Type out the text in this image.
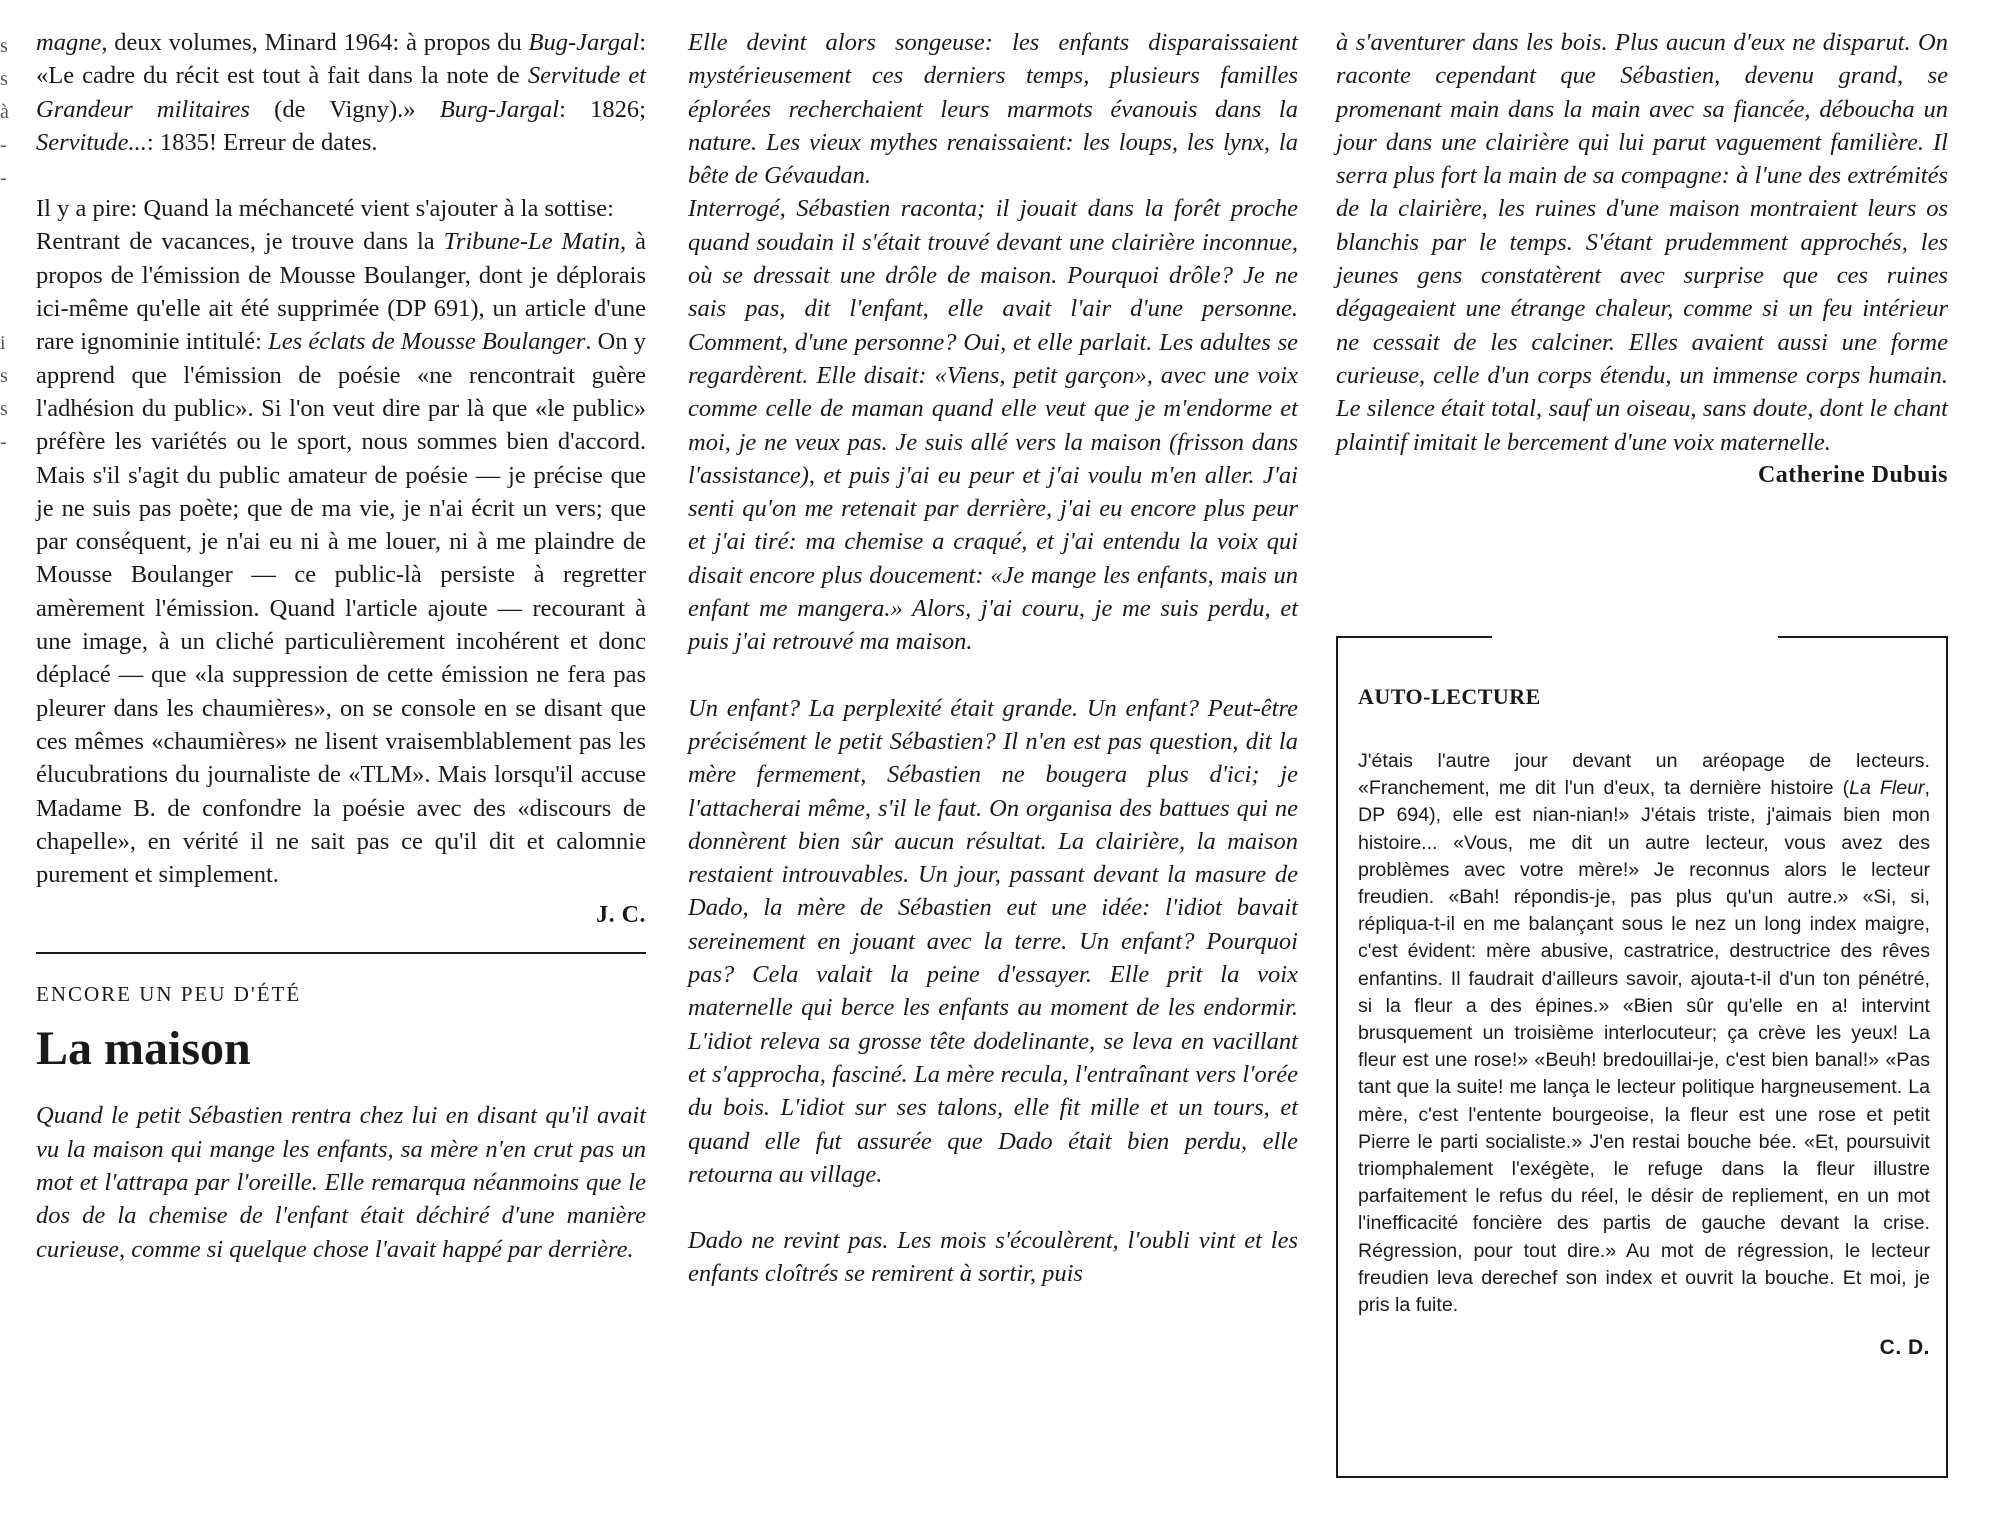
s
s
à
-
-

i
s
s
-

magne, deux volumes, Minard 1964: à propos du Bug-Jargal: «Le cadre du récit est tout à fait dans la note de Servitude et Grandeur militaires (de Vigny).» Burg-Jargal: 1826; Servitude...: 1835! Erreur de dates.

Il y a pire: Quand la méchanceté vient s'ajouter à la sottise:

Rentrant de vacances, je trouve dans la Tribune-Le Matin, à propos de l'émission de Mousse Boulanger, dont je déplorais ici-même qu'elle ait été supprimée (DP 691), un article d'une rare ignominie intitulé: Les éclats de Mousse Boulanger. On y apprend que l'émission de poésie «ne rencontrait guère l'adhésion du public». Si l'on veut dire par là que «le public» préfère les variétés ou le sport, nous sommes bien d'accord. Mais s'il s'agit du public amateur de poésie — je précise que je ne suis pas poète; que de ma vie, je n'ai écrit un vers; que par conséquent, je n'ai eu ni à me louer, ni à me plaindre de Mousse Boulanger — ce public-là persiste à regretter amèrement l'émission. Quand l'article ajoute — recourant à une image, à un cliché particulièrement incohérent et donc déplacé — que «la suppression de cette émission ne fera pas pleurer dans les chaumières», on se console en se disant que ces mêmes «chaumières» ne lisent vraisemblablement pas les élucubrations du journaliste de «TLM». Mais lorsqu'il accuse Madame B. de confondre la poésie avec des «discours de chapelle», en vérité il ne sait pas ce qu'il dit et calomnie purement et simplement.

J. C.
ENCORE UN PEU D'ÉTÉ
La maison

Quand le petit Sébastien rentra chez lui en disant qu'il avait vu la maison qui mange les enfants, sa mère n'en crut pas un mot et l'attrapa par l'oreille. Elle remarqua néanmoins que le dos de la chemise de l'enfant était déchiré d'une manière curieuse, comme si quelque chose l'avait happé par derrière.

Elle devint alors songeuse: les enfants disparaissaient mystérieusement ces derniers temps, plusieurs familles éplorées recherchaient leurs marmots évanouis dans la nature. Les vieux mythes renaissaient: les loups, les lynx, la bête de Gévaudan.

Interrogé, Sébastien raconta; il jouait dans la forêt proche quand soudain il s'était trouvé devant une clairière inconnue, où se dressait une drôle de maison. Pourquoi drôle? Je ne sais pas, dit l'enfant, elle avait l'air d'une personne. Comment, d'une personne? Oui, et elle parlait. Les adultes se regardèrent. Elle disait: «Viens, petit garçon», avec une voix comme celle de maman quand elle veut que je m'endorme et moi, je ne veux pas. Je suis allé vers la maison (frisson dans l'assistance), et puis j'ai eu peur et j'ai voulu m'en aller. J'ai senti qu'on me retenait par derrière, j'ai eu encore plus peur et j'ai tiré: ma chemise a craqué, et j'ai entendu la voix qui disait encore plus doucement: «Je mange les enfants, mais un enfant me mangera.» Alors, j'ai couru, je me suis perdu, et puis j'ai retrouvé ma maison.

Un enfant? La perplexité était grande. Un enfant? Peut-être précisément le petit Sébastien? Il n'en est pas question, dit la mère fermement, Sébastien ne bougera plus d'ici; je l'attacherai même, s'il le faut. On organisa des battues qui ne donnèrent bien sûr aucun résultat. La clairière, la maison restaient introuvables. Un jour, passant devant la masure de Dado, la mère de Sébastien eut une idée: l'idiot bavait sereinement en jouant avec la terre. Un enfant? Pourquoi pas? Cela valait la peine d'essayer. Elle prit la voix maternelle qui berce les enfants au moment de les endormir. L'idiot releva sa grosse tête dodelinante, se leva en vacillant et s'approcha, fasciné. La mère recula, l'entraînant vers l'orée du bois. L'idiot sur ses talons, elle fit mille et un tours, et quand elle fut assurée que Dado était bien perdu, elle retourna au village.

Dado ne revint pas. Les mois s'écoulèrent, l'oubli vint et les enfants cloîtrés se remirent à sortir, puis

à s'aventurer dans les bois. Plus aucun d'eux ne disparut. On raconte cependant que Sébastien, devenu grand, se promenant main dans la main avec sa fiancée, déboucha un jour dans une clairière qui lui parut vaguement familière. Il serra plus fort la main de sa compagne: à l'une des extrémités de la clairière, les ruines d'une maison montraient leurs os blanchis par le temps. S'étant prudemment approchés, les jeunes gens constatèrent avec surprise que ces ruines dégageaient une étrange chaleur, comme si un feu intérieur ne cessait de les calciner. Elles avaient aussi une forme curieuse, celle d'un corps étendu, un immense corps humain. Le silence était total, sauf un oiseau, sans doute, dont le chant plaintif imitait le bercement d'une voix maternelle.

Catherine Dubuis
AUTO-LECTURE

J'étais l'autre jour devant un aréopage de lecteurs. «Franchement, me dit l'un d'eux, ta dernière histoire (La Fleur, DP 694), elle est nian-nian!» J'étais triste, j'aimais bien mon histoire... «Vous, me dit un autre lecteur, vous avez des problèmes avec votre mère!» Je reconnus alors le lecteur freudien. «Bah! répondis-je, pas plus qu'un autre.» «Si, si, répliqua-t-il en me balançant sous le nez un long index maigre, c'est évident: mère abusive, castratrice, destructrice des rêves enfantins. Il faudrait d'ailleurs savoir, ajouta-t-il d'un ton pénétré, si la fleur a des épines.» «Bien sûr qu'elle en a! intervint brusquement un troisième interlocuteur; ça crève les yeux! La fleur est une rose!» «Beuh! bredouillai-je, c'est bien banal!» «Pas tant que la suite! me lança le lecteur politique hargneusement. La mère, c'est l'entente bourgeoise, la fleur est une rose et petit Pierre le parti socialiste.» J'en restai bouche bée. «Et, poursuivit triomphalement l'exégète, le refuge dans la fleur illustre parfaitement le refus du réel, le désir de repliement, en un mot l'inefficacité foncière des partis de gauche devant la crise. Régression, pour tout dire.» Au mot de régression, le lecteur freudien leva derechef son index et ouvrit la bouche. Et moi, je pris la fuite.

C. D.
